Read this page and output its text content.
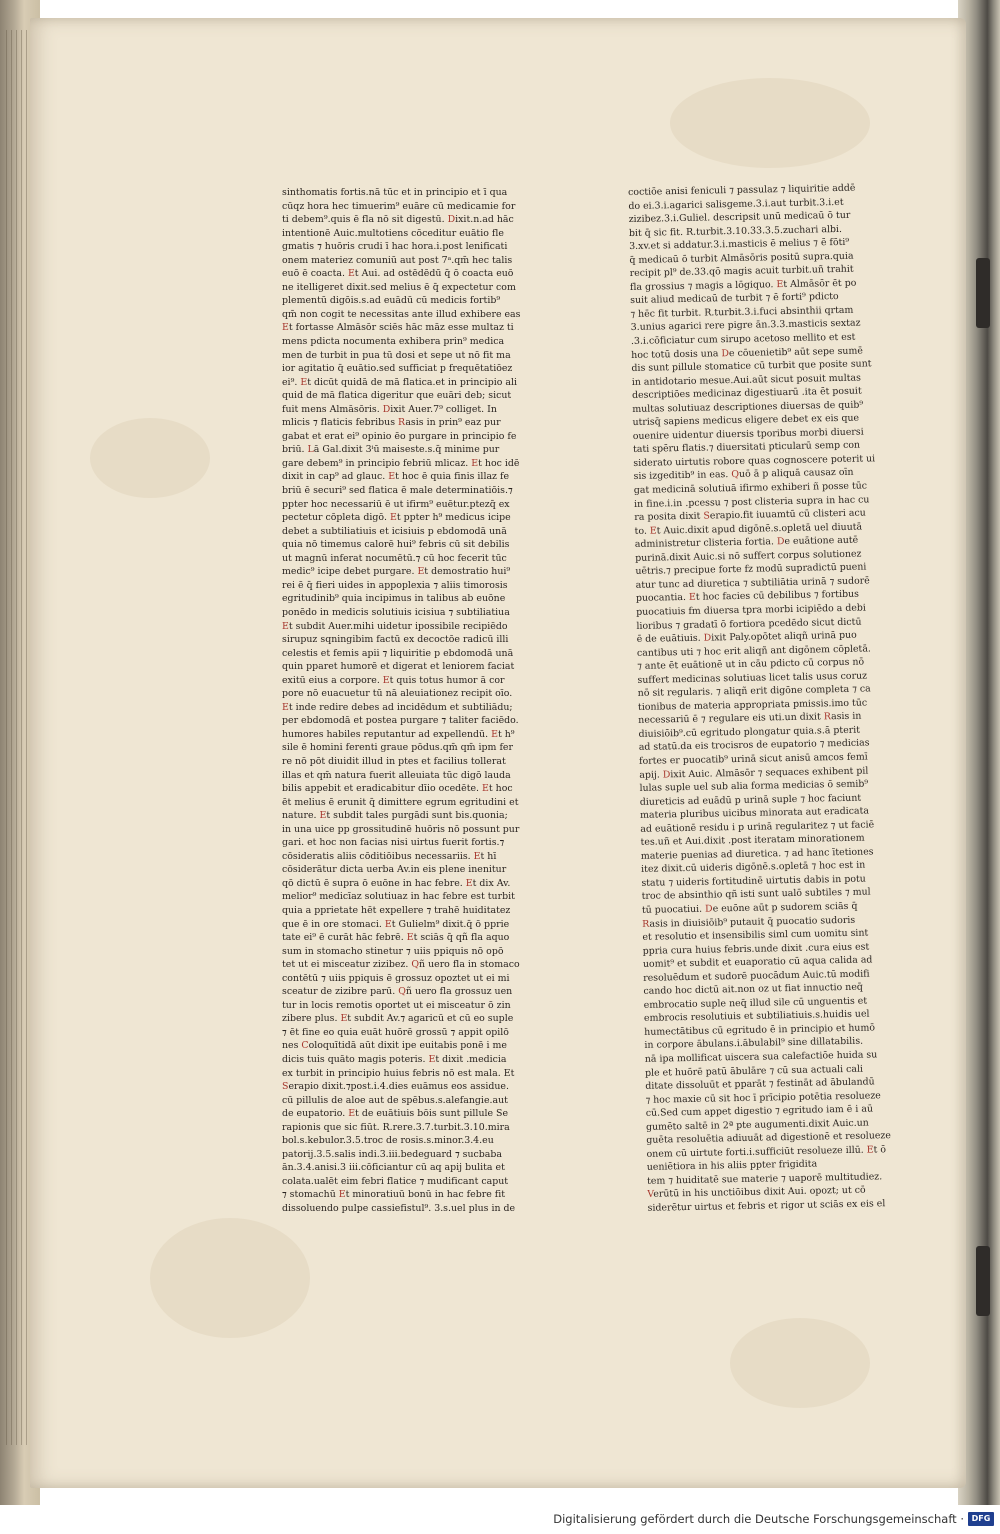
sinthomatis fortis.nā tūc et in principio et ī qua
cūqz hora hec timuerim⁹ euāre cū medicamie for
ti debem⁹.quis ē fla nō sit digestū. Dixit.n.ad hāc
intentionē Auic.multotiens cōceditur euātio fle
gmatis ⁊ huōris crudi ī hac hora.i.post lenificati
onem materiez comuniū aut post 7ᵃ.qm̄ hec talis
euō ē coacta. Et Aui. ad ostēdēdū q̄ ō coacta euō
ne itelligeret dixit.sed melius ē q̄ expectetur com
plementū digōis.s.ad euādū cū medicis fortib⁹
qm̄ non cogit te necessitas ante illud exhibere eas
Et fortasse Almāsōr sciēs hāc māz esse multaz ti
mens pdicta nocumenta exhibera prin⁹ medica
men de turbit in pua tū dosi et sepe ut nō fit ma
ior agitatio q̄ euātio.sed sufficiat p frequētatiōez
ei⁹. Et dicūt quidā de mā flatica.et in principio ali
quid de mā flatica digeritur que euāri deb; sicut
fuit mens Almāsōris. Dixit Auer.7⁹ colliget. In
mlicis ⁊ flaticis febribus Rasis in prin⁹ eaz pur
gabat et erat ei⁹ opinio ēo purgare in principio fe
briū. Lā Gal.dixit 3ⁱū maiseste.s.q̄ minime pur
gare debem⁹ in principio febriū mlicaz. Et hoc idē
dixit in cap⁹ ad glauc. Et hoc ē quia finis illaz fe
briū ē securi⁹ sed flatica ē male determinatiōis.⁊
ppter hoc necessariū ē ut ifirm⁹ euētur.ptezq̄ ex
pectetur cōpleta digō. Et ppter h⁹ medicus icipe
debet a subtiliatiuis et icisiuis p ebdomodā unā
quia nō timemus calorē hui⁹ febris cū sit debilis
ut magnū inferat nocumētū.⁊ cū hoc fecerit tūc
medic⁹ icipe debet purgare. Et demostratio hui⁹
rei ē q̄ fieri uides in appoplexia ⁊ aliis timorosis
egritudinib⁹ quia incipimus in talibus ab euōne
ponēdo in medicis solutiuis icisiua ⁊ subtiliatiua
Et subdit Auer.mihi uidetur ipossibile recipiēdo
sirupuz sqningibim factū ex decoctōe radicū illi
celestis et femis apii ⁊ liquiritie p ebdomodā unā
quin pparet humorē et digerat et leniorem faciat
exitū eius a corpore. Et quis totus humor ā cor
pore nō euacuetur tū nā aleuiationez recipit oīo.
Et inde redire debes ad incidēdum et subtiliādu;
per ebdomodā et postea purgare ⁊ taliter faciēdo.
humores habiles reputantur ad expellendū. Et h⁹
sile ē homini ferenti graue pōdus.qm̄ qm̄ ipm fer
re nō pōt diuidit illud in ptes et facilius tollerat
illas et qm̄ natura fuerit alleuiata tūc digō lauda
bilis appebit et eradicabitur dīio ocedēte. Et hoc
ēt melius ē erunit q̄ dimittere egrum egritudini et
nature. Et subdit tales purgādi sunt bis.quonia;
in una uice pp grossitudinē huōris nō possunt pur
gari. et hoc non facias nisi uirtus fuerit fortis.⁊
cōsideratis aliis cōditiōibus necessariis. Et hī
cōsiderātur dicta uerba Av.in eis plene inenitur
qō dictū ē supra ō euōne in hac febre. Et dix Av.
melior⁹ medicīaz solutiuaz in hac febre est turbit
quia a pprietate hēt expellere ⁊ trahē huiditatez
que ē in ore stomaci. Et Gulielm⁹ dixit.q̄ ō pprie
tate ei⁹ ē curāt hāc febrē. Et sciās q̄ qñ fla aquo
sum in stomacho stinetur ⁊ uiis ppiquis nō opō
tet ut ei misceatur zizibez. Qñ uero fla in stomaco
contētū ⁊ uiis ppiquis ē grossuz opoztet ut ei mi
sceatur de zizibre parū. Qñ uero fla grossuz uen
tur in locis remotis oportet ut ei misceatur ō zin
zibere plus. Et subdit Av.⁊ agaricū et cū eo suple
⁊ ēt fine eo quia euāt huōrē grossū ⁊ appit opilō
nes Coloquītidā aūt dixit ipe euitabis ponē i me
dicis tuis quāto magis poteris. Et dixit .medicia
ex turbit in principio huius febris nō est mala. Et
Serapio dixit.⁊post.i.4.dies euāmus eos assidue.
cū pillulis de aloe aut de spēbus.s.alefangie.aut
de eupatorio. Et de euātiuis bōis sunt pillule Se
rapionis que sic fiūt. R.rere.3.7.turbit.3.10.mira
bol.s.kebulor.3.5.troc de rosis.s.minor.3.4.eu
patorij.3.5.salis indi.3.iii.bedeguard ⁊ sucbaba
ān.3.4.anisi.3 iii.cōficiantur cū aq apij bulita et
colata.ualēt eim febri flatice ⁊ mudificant caput
⁊ stomachū Et minoratiuū bonū in hac febre fit
dissoluendo pulpe cassiefistul⁹. 3.s.uel plus in de
coctiōe anisi feniculi ⁊ passulaz ⁊ liquiritie addē
do ei.3.i.agarici salisgeme.3.i.aut turbit.3.i.et
zizibez.3.i.Guliel. descripsit unū medicaū ō tur
bit q̄ sic fit. R.turbit.3.10.33.3.5.zuchari albi.
3.xv.et si addatur.3.i.masticis ē melius ⁊ ē fōti⁹
q̄ medicaū ō turbit Almāsōris positū supra.quia
recipit pl⁹ de.33.qō magis acuit turbit.uñ trahit
fla grossius ⁊ magis a lōgiquo. Et Almāsōr ēt po
suit aliud medicaū de turbit ⁊ ē forti⁹ pdicto
⁊ hēc fit turbit. R.turbit.3.i.fuci absinthii qrtam
3.unius agarici rere pigre ān.3.3.masticis sextaz
.3.i.cōficiatur cum sirupo acetoso mellito et est
hoc totū dosis una De cōuenietib⁹ aūt sepe sumē
dis sunt pillule stomatice cū turbit que posite sunt
in antidotario mesue.Aui.aūt sicut posuit multas
descriptiōes medicinaz digestiuarū .ita ēt posuit
multas solutiuaz descriptiones diuersas de quib⁹
utrisq̄ sapiens medicus eligere debet ex eis que
ouenire uidentur diuersis tporibus morbi diuersi
tati spēru flatis.⁊ diuersitati pticularū semp con
siderato uirtutis robore quas cognoscere poterit ui
sis izgeditib⁹ in eas. Quō ā p aliquā causaz oīn
gat medicinā solutiuā ifirmo exhiberi ñ posse tūc
in fine.i.in .pcessu ⁊ post clisteria supra in hac cu
ra posita dixit Serapio.fit iuuamtū cū clisteri acu
to. Et Auic.dixit apud digōnē.s.opletā uel diuutā
administretur clisteria fortia. De euātione autē
purinā.dixit Auic.si nō suffert corpus solutionez
uētris.⁊ precipue forte fz modū supradictū pueni
atur tunc ad diuretica ⁊ subtiliātia urinā ⁊ sudorē
puocantia. Et hoc facies cū debilibus ⁊ fortibus
puocatiuis fm diuersa tpra morbi icipiēdo a debi
lioribus ⁊ gradatī ō fortiora pcedēdo sicut dictū
ē de euātiuis. Dixit Paly.opōtet aliqñ urinā puo
cantibus uti ⁊ hoc erit aliqñ ant digōnem cōpletā.
⁊ ante ēt euātionē ut in cāu pdicto cū corpus nō
suffert medicinas solutiuas licet talis usus coruz
nō sit regularis. ⁊ aliqñ erit digōne completa ⁊ ca
tionibus de materia appropriata pmissis.imo tūc
necessariū ē ⁊ regulare eis uti.un dixit Rasis in
diuisiōib⁹.cū egritudo plongatur quia.s.ā pterit
ad statū.da eis trocisros de eupatorio ⁊ medicias
fortes er puocatib⁹ urinā sicut anisū amcos femī
apij. Dixit Auic. Almāsōr ⁊ sequaces exhibent pil
lulas suple uel sub alia forma medicias ō semib⁹
diureticis ad euādū p urinā suple ⁊ hoc faciunt
materia pluribus uicibus minorata aut eradicata
ad euātionē residu i p urinā regularitez ⁊ ut faciē
tes.uñ et Aui.dixit .post iteratam minorationem
materie puenias ad diuretica. ⁊ ad hanc ītetiones
itez dixit.cū uideris digōnē.s.opletā ⁊ hoc est in
statu ⁊ uideris fortitudinē uirtutis dabis in potu
troc de absinthio qñ isti sunt ualō subtiles ⁊ mul
tū puocatiui. De euōne aūt p sudorem sciās q̄
Rasis in diuisiōib⁹ putauit q̄ puocatio sudoris
et resolutio et insensibilis siml cum uomitu sint
ppria cura huius febris.unde dixit .cura eius est
uomit⁹ et subdit et euaporatio cū aqua calida ad
resoluēdum et sudorē puocādum Auic.tū modifi
cando hoc dictū ait.non oz ut fiat innuctio neq̄
embrocatio suple neq̄ illud sile cū unguentis et
embrocis resolutiuis et subtiliatiuis.s.huidis uel
humectātibus cū egritudo ē in principio et humō
in corpore ābulans.i.ābulabil⁹ sine dillatabilis.
nā ipa mollificat uiscera sua calefactiōe huida su
ple et huōrē patū ābulāre ⁊ cū sua actuali cali
ditate dissoluūt et pparāt ⁊ festināt ad ābulandū
⁊ hoc maxie cū sit hoc ī prīcipio potētia resolueze
cū.Sed cum appet digestio ⁊ egritudo iam ē i aū
gumēto saltē in 2ª pte augumenti.dixit Auic.un
guēta resoluētia adiuuāt ad digestionē et resolueze
onem cū uirtute forti.i.sufficiūt resolueze illū. Et ō
ueniētiora in his aliis ppter frigidita
tem ⁊ huiditatē sue materie ⁊ uaporē multitudiez.
Verūtū in his unctiōibus dixit Aui. opozt; ut cō
siderētur uirtus et febris et rigor ut sciās ex eis el
Digitalisierung gefördert durch die Deutsche Forschungsgemeinschaft · DFG
